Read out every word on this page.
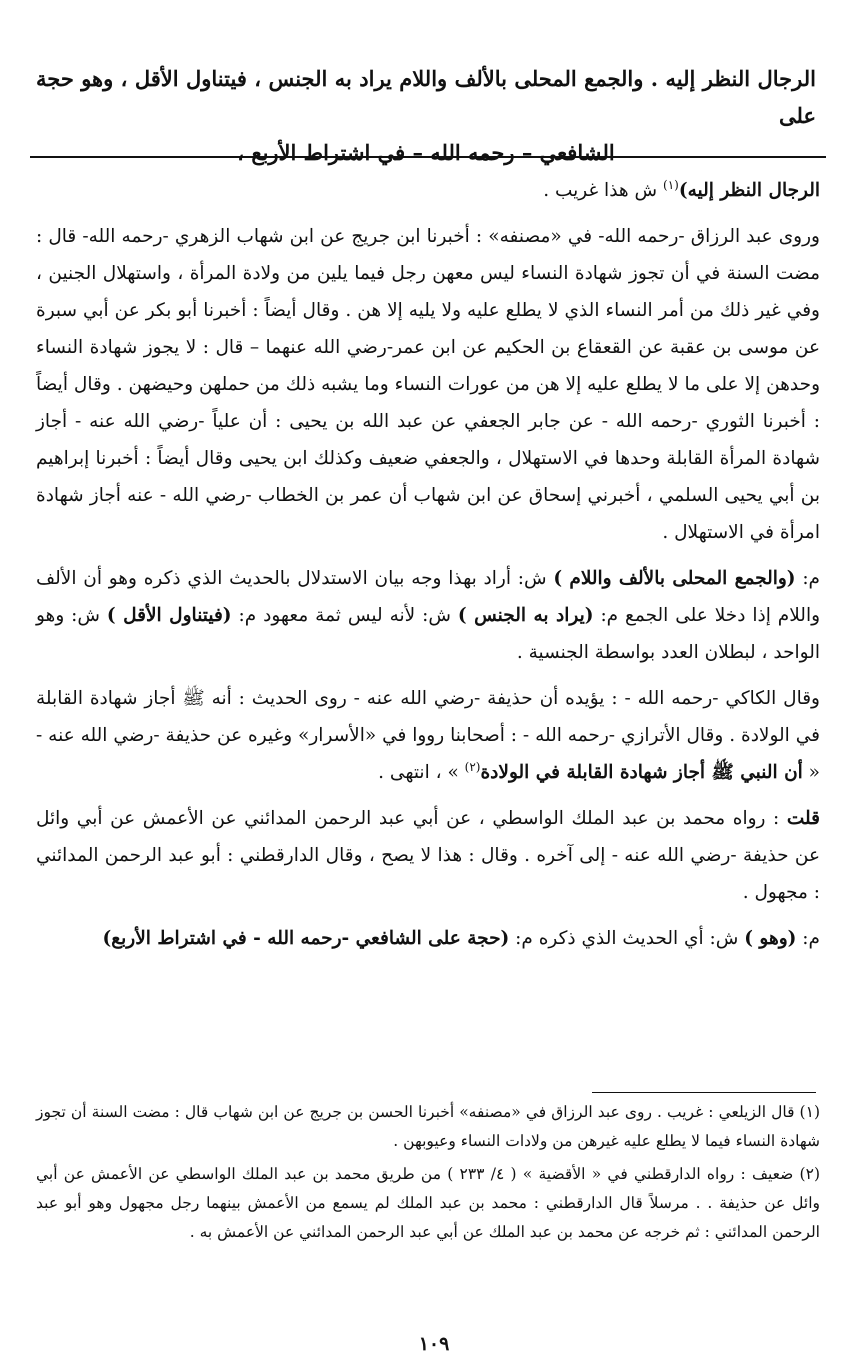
الرجال النظر إليه . والجمع المحلى بالألف واللام يراد به الجنس ، فيتناول الأقل ، وهو حجة على

الشافعي – رحمه الله – في اشتراط الأربع ،

الرجال النظر إليه)$^{(١)}$ ش هذا غريب .

وروى عبد الرزاق -رحمه الله- في «مصنفه» : أخبرنا ابن جريج عن ابن شهاب الزهري -رحمه الله- قال : مضت السنة في أن تجوز شهادة النساء ليس معهن رجل فيما يلين من ولادة المرأة ، واستهلال الجنين ، وفي غير ذلك من أمر النساء الذي لا يطلع عليه ولا يليه إلا هن . وقال أيضاً : أخبرنا أبو بكر عن أبي سبرة عن موسى بن عقبة عن القعقاع بن الحكيم عن ابن عمر-رضي الله عنهما – قال : لا يجوز شهادة النساء وحدهن إلا على ما لا يطلع عليه إلا هن من عورات النساء وما يشبه ذلك من حملهن وحيضهن . وقال أيضاً : أخبرنا الثوري -رحمه الله - عن جابر الجعفي عن عبد الله بن يحيى : أن علياً -رضي الله عنه - أجاز شهادة المرأة القابلة وحدها في الاستهلال ، والجعفي ضعيف وكذلك ابن يحيى وقال أيضاً : أخبرنا إبراهيم بن أبي يحيى السلمي ، أخبرني إسحاق عن ابن شهاب أن عمر بن الخطاب -رضي الله - عنه أجاز شهادة امرأة في الاستهلال .

م: (والجمع المحلى بالألف واللام ) ش: أراد بهذا وجه بيان الاستدلال بالحديث الذي ذكره وهو أن الألف واللام إذا دخلا على الجمع م: (يراد به الجنس ) ش: لأنه ليس ثمة معهود م: (فيتناول الأقل ) ش: وهو الواحد ، لبطلان العدد بواسطة الجنسية .

وقال الكاكي -رحمه الله - : يؤيده أن حذيفة -رضي الله عنه - روى الحديث : أنه ﷺ أجاز شهادة القابلة في الولادة . وقال الأترازي -رحمه الله - : أصحابنا رووا في «الأسرار» وغيره عن حذيفة -رضي الله عنه - « أن النبي ﷺ أجاز شهادة القابلة في الولادة$^{(٢)}$ » ، انتهى .

قلت : رواه محمد بن عبد الملك الواسطي ، عن أبي عبد الرحمن المدائني عن الأعمش عن أبي وائل عن حذيفة -رضي الله عنه - إلى آخره . وقال : هذا لا يصح ، وقال الدارقطني : أبو عبد الرحمن المدائني : مجهول .

م: (وهو ) ش: أي الحديث الذي ذكره م: (حجة على الشافعي -رحمه الله - في اشتراط الأربع)

(١) قال الزيلعي : غريب . روى عبد الرزاق في «مصنفه» أخبرنا الحسن بن جريج عن ابن شهاب قال : مضت السنة أن تجوز شهادة النساء فيما لا يطلع عليه غيرهن من ولادات النساء وعيوبهن .

(٢) ضعيف : رواه الدارقطني في « الأقضية » ( ٤/ ٢٣٣ ) من طريق محمد بن عبد الملك الواسطي عن الأعمش عن أبي وائل عن حذيفة . . مرسلاً قال الدارقطني : محمد بن عبد الملك لم يسمع من الأعمش بينهما رجل مجهول وهو أبو عبد الرحمن المدائني : ثم خرجه عن محمد بن عبد الملك عن أبي عبد الرحمن المدائني عن الأعمش به .

١٠٩
